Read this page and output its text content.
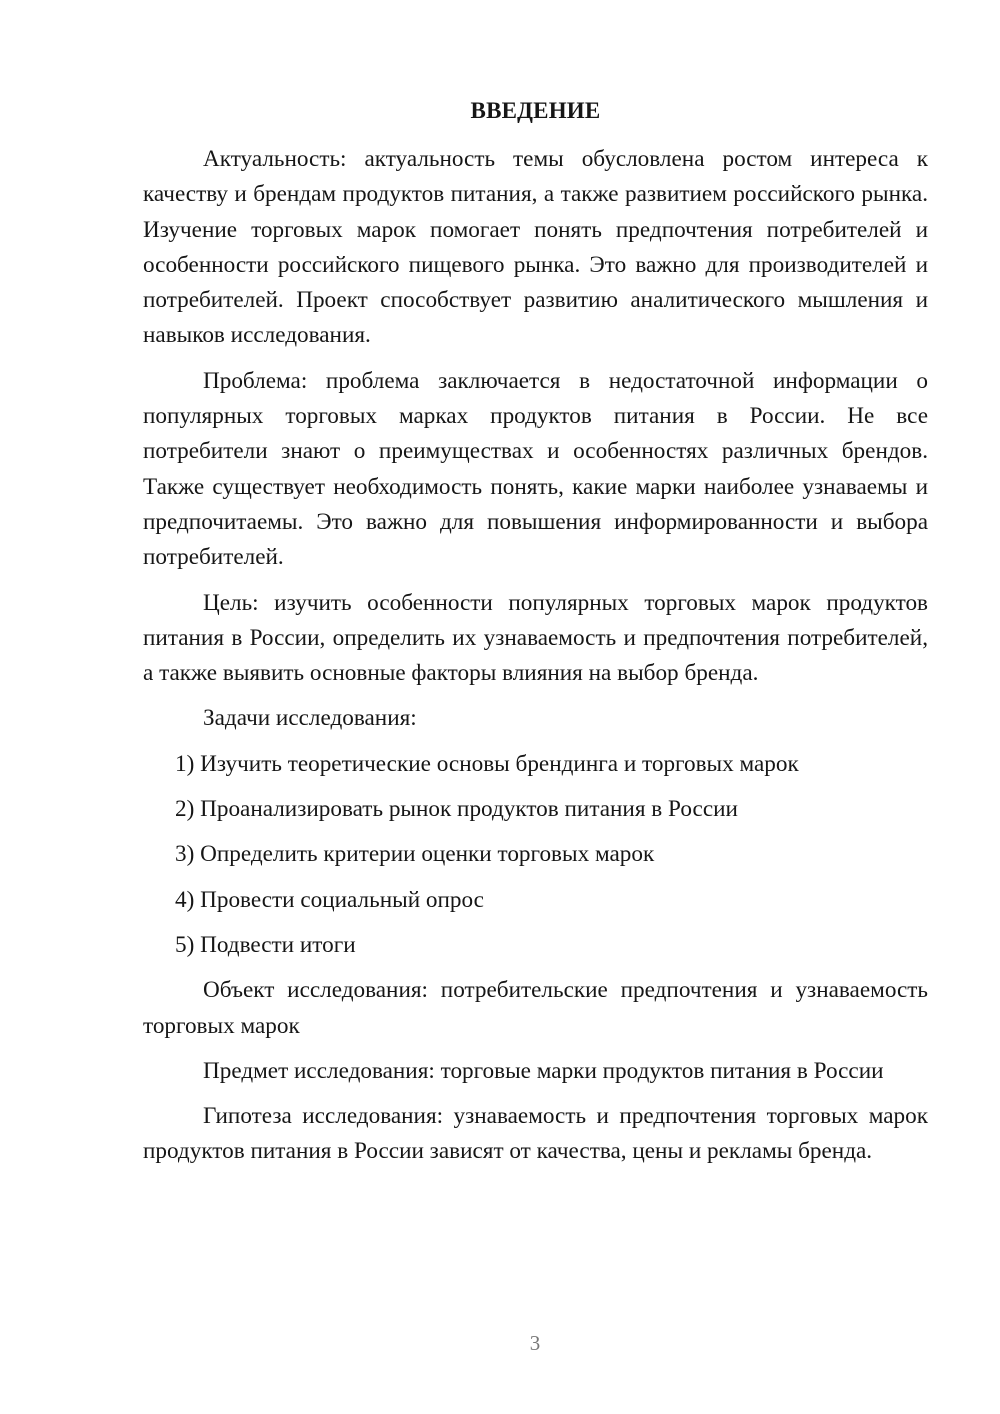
ВВЕДЕНИЕ

Актуальность: актуальность темы обусловлена ростом интереса к качеству и брендам продуктов питания, а также развитием российского рынка. Изучение торговых марок помогает понять предпочтения потребителей и особенности российского пищевого рынка. Это важно для производителей и потребителей. Проект способствует развитию аналитического мышления и навыков исследования.

Проблема: проблема заключается в недостаточной информации о популярных торговых марках продуктов питания в России. Не все потребители знают о преимуществах и особенностях различных брендов. Также существует необходимость понять, какие марки наиболее узнаваемы и предпочитаемы. Это важно для повышения информированности и выбора потребителей.

Цель: изучить особенности популярных торговых марок продуктов питания в России, определить их узнаваемость и предпочтения потребителей, а также выявить основные факторы влияния на выбор бренда.

Задачи исследования:

1) Изучить теоретические основы брендинга и торговых марок
2) Проанализировать рынок продуктов питания в России
3) Определить критерии оценки торговых марок
4) Провести социальный опрос
5) Подвести итоги

Объект исследования: потребительские предпочтения и узнаваемость торговых марок

Предмет исследования: торговые марки продуктов питания в России

Гипотеза исследования: узнаваемость и предпочтения торговых марок продуктов питания в России зависят от качества, цены и рекламы бренда.

3
